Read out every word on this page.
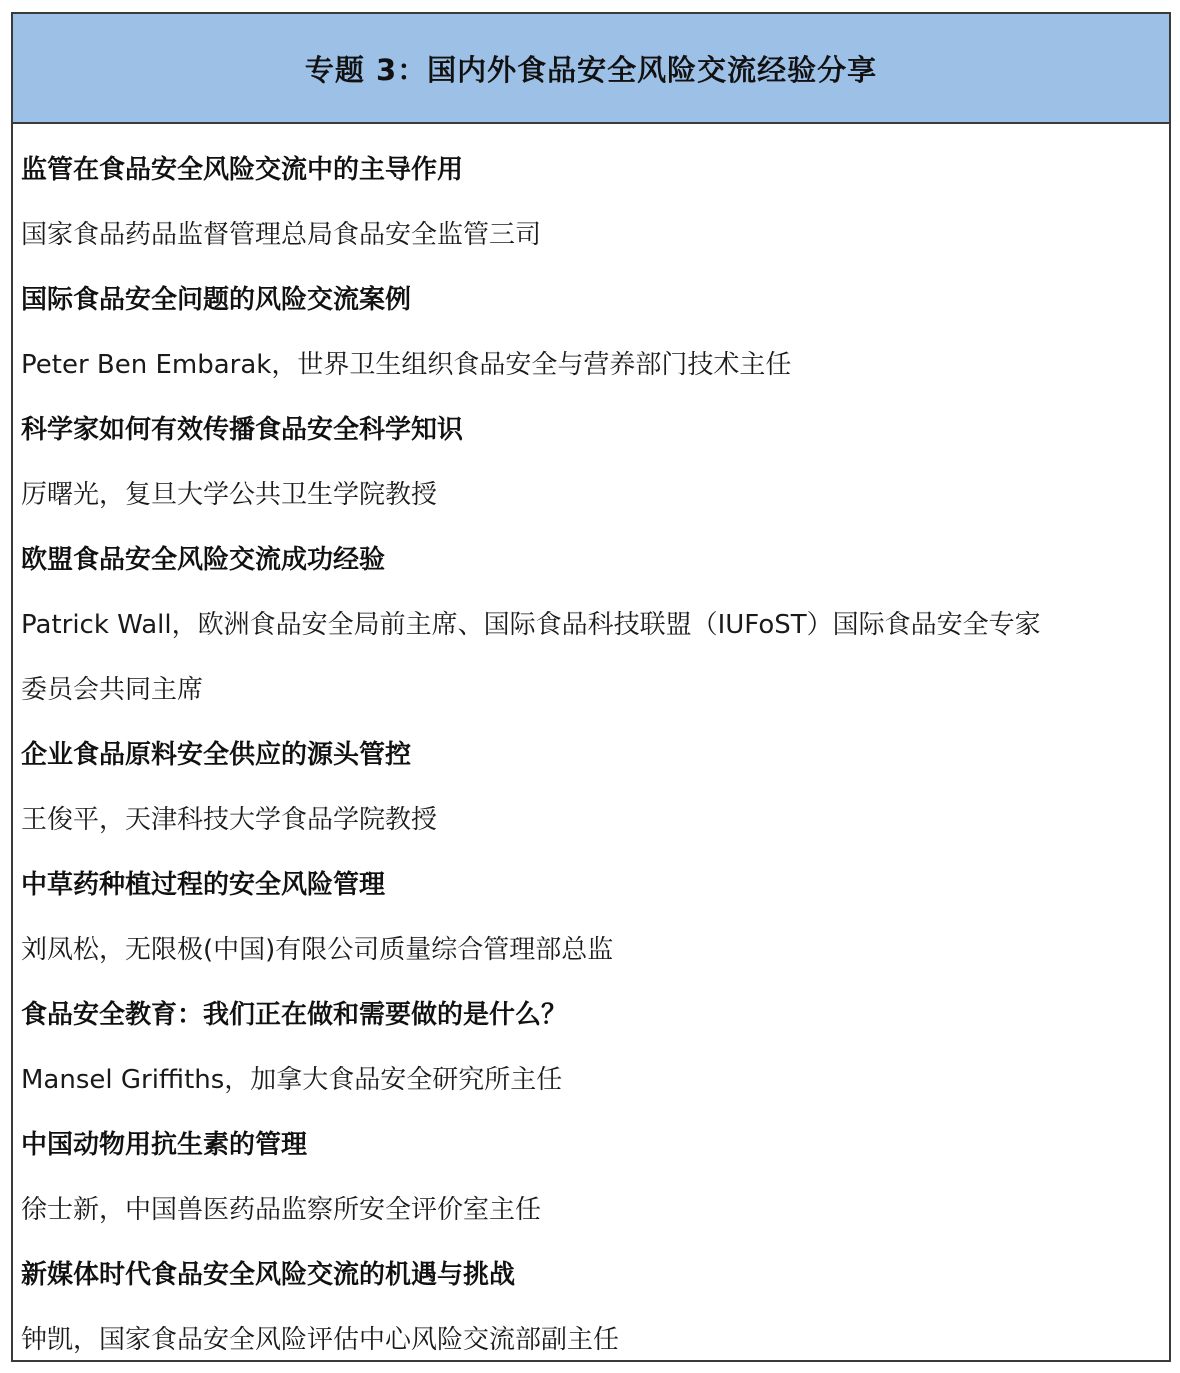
专题 3：国内外食品安全风险交流经验分享
监管在食品安全风险交流中的主导作用
国家食品药品监督管理总局食品安全监管三司
国际食品安全问题的风险交流案例
Peter Ben Embarak，世界卫生组织食品安全与营养部门技术主任
科学家如何有效传播食品安全科学知识
厉曙光，复旦大学公共卫生学院教授
欧盟食品安全风险交流成功经验
Patrick Wall，欧洲食品安全局前主席、国际食品科技联盟（IUFoST）国际食品安全专家
委员会共同主席
企业食品原料安全供应的源头管控
王俊平，天津科技大学食品学院教授
中草药种植过程的安全风险管理
刘凤松，无限极(中国)有限公司质量综合管理部总监
食品安全教育：我们正在做和需要做的是什么？
Mansel Griffiths，加拿大食品安全研究所主任
中国动物用抗生素的管理
徐士新，中国兽医药品监察所安全评价室主任
新媒体时代食品安全风险交流的机遇与挑战
钟凯，国家食品安全风险评估中心风险交流部副主任
